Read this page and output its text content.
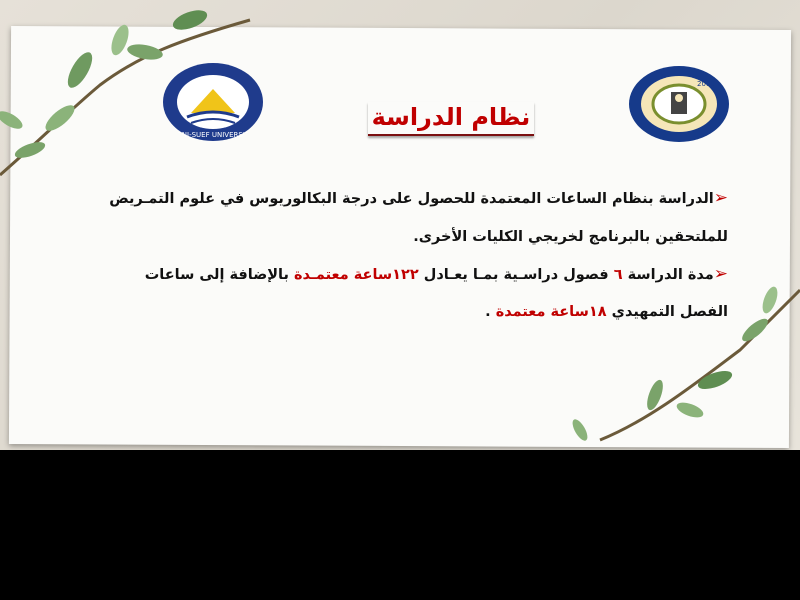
BENI-SUEF UNIVERSITY
2006
نظام الدراسة
➢الدراسة بنظام الساعات المعتمدة للحصول على درجة البكالوريوس في علوم التمـريض
للملتحقين بالبرنامج لخريجي الكليات الأخرى.
➢مدة الدراسة ٦ فصول دراسـية بمـا يعـادل ١٢٢ساعة معتمـدة بالإضافة إلى ساعات
الفصل التمهيدي ١٨ساعة معتمدة .
